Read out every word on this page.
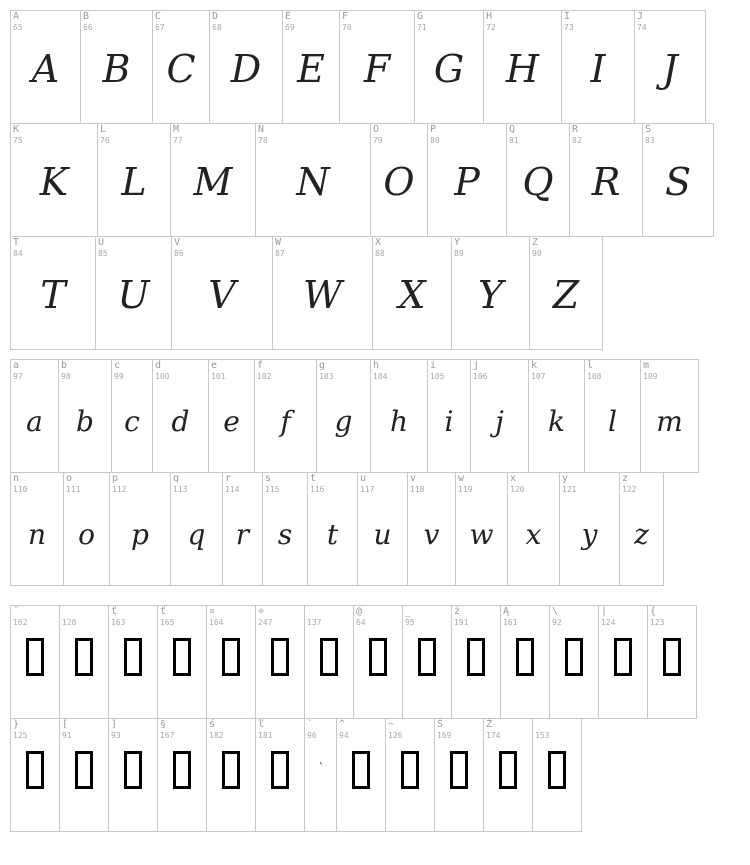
A
65
A
B
66
B
C
67
C
D
68
D
E
69
E
F
70
F
G
71
G
H
72
H
I
73
I
J
74
J
K
75
K
L
76
L
M
77
M
N
78
N
O
79
O
P
80
P
Q
81
Q
R
82
R
S
83
S
T
84
T
U
85
U
V
86
V
W
87
W
X
88
X
Y
89
Y
Z
90
Z
a
97
a
b
98
b
c
99
c
d
100
d
e
101
e
f
102
f
g
103
g
h
104
h
i
105
i
j
106
j
k
107
k
l
108
l
m
109
m
n
110
n
o
111
o
p
112
p
q
113
q
r
114
r
s
115
s
t
116
t
u
117
u
v
118
v
w
119
w
x
120
x
y
121
y
z
122
z
¨
162	128
ť
163
ť
165
¤
164
÷
247	137
@
64
_
95
ż
191
Ą
161
\
92
|
124
{
123
}
125
[
91
]
93
§
167
ś
182
ľ
181
`
96
`
^
94
~
126
Š
169
Ž
174	153
